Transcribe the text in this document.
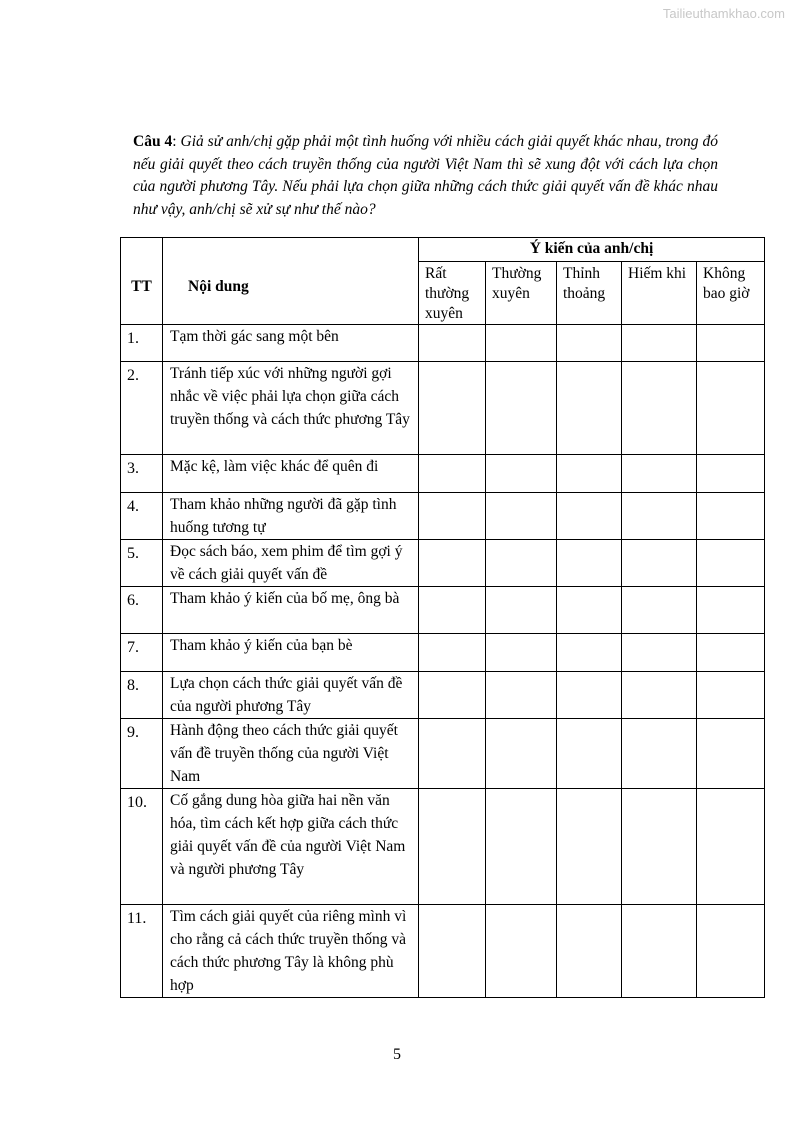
Tailieuthamkhao.com
Câu 4: Giả sử anh/chị gặp phải một tình huống với nhiều cách giải quyết khác nhau, trong đó nếu giải quyết theo cách truyền thống của người Việt Nam thì sẽ xung đột với cách lựa chọn của người phương Tây. Nếu phải lựa chọn giữa những cách thức giải quyết vấn đề khác nhau như vậy, anh/chị sẽ xử sự như thế nào?
TT	Nội dung	Ý kiến của anh/chị				
		Rất thường xuyên	Thường xuyên	Thỉnh thoảng	Hiếm khi	Không bao giờ
1.	Tạm thời gác sang một bên					
2.	Tránh tiếp xúc với những người gợi nhắc về việc phải lựa chọn giữa cách truyền thống và cách thức phương Tây					
3.	Mặc kệ, làm việc khác để quên đi					
4.	Tham khảo những người đã gặp tình huống tương tự					
5.	Đọc sách báo, xem phim để tìm gợi ý về cách giải quyết vấn đề					
6.	Tham khảo ý kiến của bố mẹ, ông bà					
7.	Tham khảo ý kiến của bạn bè					
8.	Lựa chọn cách thức giải quyết vấn đề của người phương Tây					
9.	Hành động theo cách thức giải quyết vấn đề truyền thống của người Việt Nam					
10.	Cố gắng dung hòa giữa hai nền văn hóa, tìm cách kết hợp giữa cách thức giải quyết vấn đề của người Việt Nam và người phương Tây					
11.	Tìm cách giải quyết của riêng mình vì cho rằng cả cách thức truyền thống và cách thức phương Tây là không phù hợp					
5
